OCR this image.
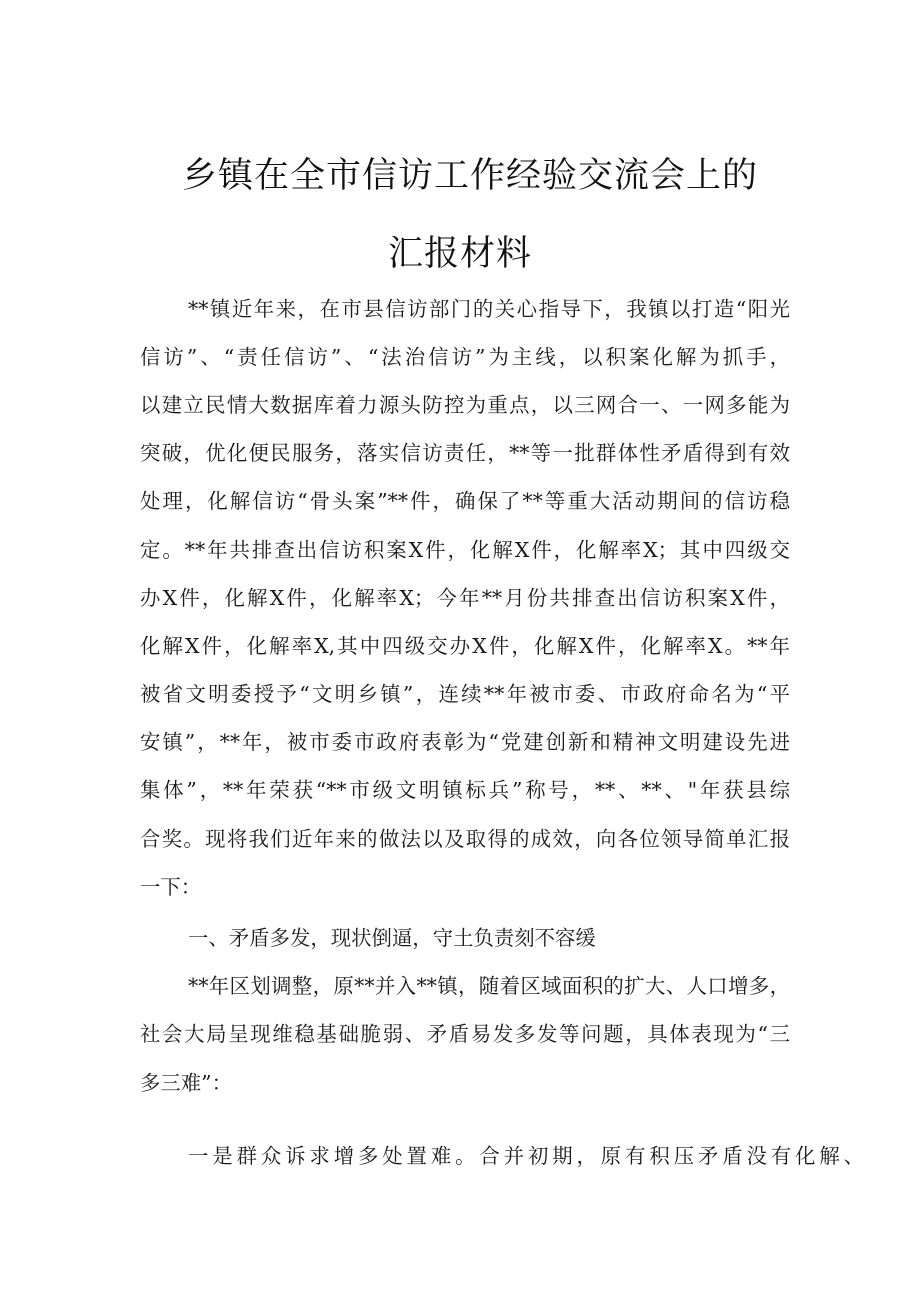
乡镇在全市信访工作经验交流会上的
汇报材料
**镇近年来，在市县信访部门的关心指导下，我镇以打造“阳光
信访”、“责任信访”、“法治信访”为主线，以积案化解为抓手，
以建立民情大数据库着力源头防控为重点，以三网合一、一网多能为
突破，优化便民服务，落实信访责任，**等一批群体性矛盾得到有效
处理，化解信访“骨头案”**件，确保了**等重大活动期间的信访稳
定。**年共排查出信访积案X件，化解X件，化解率X；其中四级交
办X件，化解X件，化解率X；今年**月份共排查出信访积案X件，
化解X件，化解率X,其中四级交办X件，化解X件，化解率X。**年
被省文明委授予“文明乡镇”，连续**年被市委、市政府命名为“平
安镇”，**年，被市委市政府表彰为“党建创新和精神文明建设先进
集体”，**年荣获“**市级文明镇标兵”称号，**、**、"年获县综
合奖。现将我们近年来的做法以及取得的成效，向各位领导简单汇报
一下：
一、矛盾多发，现状倒逼，守土负责刻不容缓
**年区划调整，原**并入**镇，随着区域面积的扩大、人口增多，
社会大局呈现维稳基础脆弱、矛盾易发多发等问题，具体表现为“三
多三难”：
一是群众诉求增多处置难。合并初期，原有积压矛盾没有化解、
